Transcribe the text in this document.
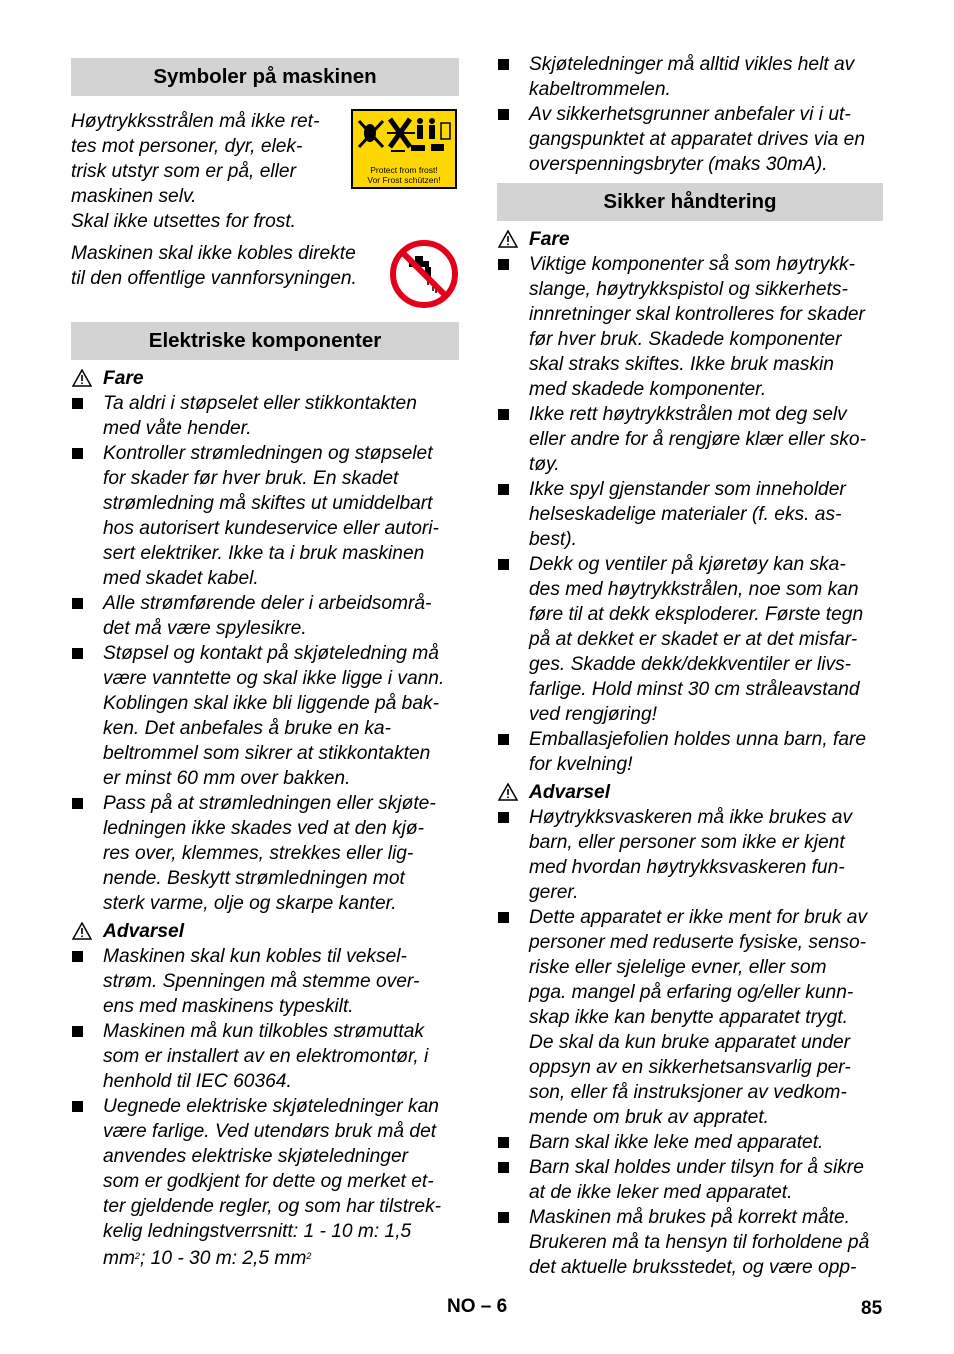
Symboler på maskinen
Høytrykksstrålen må ikke ret-
tes mot personer, dyr, elek-
trisk utstyr som er på, eller
maskinen selv.
Skal ikke utsettes for frost.
Protect from frost!
Vor Frost schützen!
Maskinen skal ikke kobles direkte
til den offentlige vannforsyningen.
Elektriske komponenter
Fare
Ta aldri i støpselet eller stikkontakten
med våte hender.
Kontroller strømledningen og støpselet
for skader før hver bruk. En skadet
strømledning må skiftes ut umiddelbart
hos autorisert kundeservice eller autori-
sert elektriker. Ikke ta i bruk maskinen
med skadet kabel.
Alle strømførende deler i arbeidsområ-
det må være spylesikre.
Støpsel og kontakt på skjøteledning må
være vanntette og skal ikke ligge i vann.
Koblingen skal ikke bli liggende på bak-
ken. Det anbefales å bruke en ka-
beltrommel som sikrer at stikkontakten
er minst 60 mm over bakken.
Pass på at strømledningen eller skjøte-
ledningen ikke skades ved at den kjø-
res over, klemmes, strekkes eller lig-
nende. Beskytt strømledningen mot
sterk varme, olje og skarpe kanter.
Advarsel
Maskinen skal kun kobles til veksel-
strøm. Spenningen må stemme over-
ens med maskinens typeskilt.
Maskinen må kun tilkobles strømuttak
som er installert av en elektromontør, i
henhold til IEC 60364.
Uegnede elektriske skjøteledninger kan
være farlige. Ved utendørs bruk må det
anvendes elektriske skjøteledninger
som er godkjent for dette og merket et-
ter gjeldende regler, og som har tilstrek-
kelig ledningstverrsnitt: 1 - 10 m: 1,5
$mm^2$; 10 - 30 m: 2,5 $mm^2$
Skjøteledninger må alltid vikles helt av
kabeltrommelen.
Av sikkerhetsgrunner anbefaler vi i ut-
gangspunktet at apparatet drives via en
overspenningsbryter (maks 30mA).
Sikker håndtering
Fare
Viktige komponenter så som høytrykk-
slange, høytrykkspistol og sikkerhets-
innretninger skal kontrolleres for skader
før hver bruk. Skadede komponenter
skal straks skiftes. Ikke bruk maskin
med skadede komponenter.
Ikke rett høytrykkstrålen mot deg selv
eller andre for å rengjøre klær eller sko-
tøy.
Ikke spyl gjenstander som inneholder
helseskadelige materialer (f. eks. as-
best).
Dekk og ventiler på kjøretøy kan ska-
des med høytrykkstrålen, noe som kan
føre til at dekk eksploderer. Første tegn
på at dekket er skadet er at det misfar-
ges. Skadde dekk/dekkventiler er livs-
farlige. Hold minst 30 cm stråleavstand
ved rengjøring!
Emballasjefolien holdes unna barn, fare
for kvelning!
Advarsel
Høytrykksvaskeren må ikke brukes av
barn, eller personer som ikke er kjent
med hvordan høytrykksvaskeren fun-
gerer.
Dette apparatet er ikke ment for bruk av
personer med reduserte fysiske, senso-
riske eller sjelelige evner, eller som
pga. mangel på erfaring og/eller kunn-
skap ikke kan benytte apparatet trygt.
De skal da kun bruke apparatet under
oppsyn av en sikkerhetsansvarlig per-
son, eller få instruksjoner av vedkom-
mende om bruk av appratet.
Barn skal ikke leke med apparatet.
Barn skal holdes under tilsyn for å sikre
at de ikke leker med apparatet.
Maskinen må brukes på korrekt måte.
Brukeren må ta hensyn til forholdene på
det aktuelle bruksstedet, og være opp-
NO – 6	85
